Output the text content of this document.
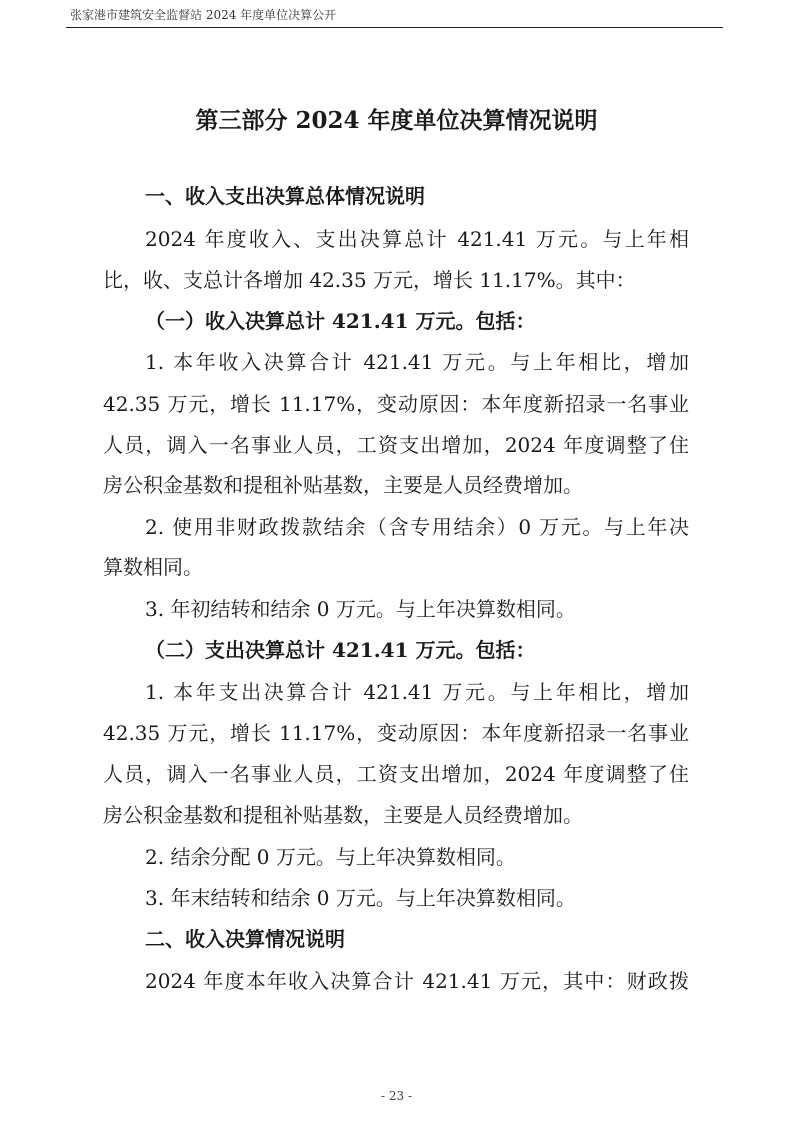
张家港市建筑安全监督站 2024 年度单位决算公开
第三部分 2024 年度单位决算情况说明
一、收入支出决算总体情况说明
2024 年度收入、支出决算总计 421.41 万元。与上年相
比，收、支总计各增加 42.35 万元，增长 11.17%。其中：
（一）收入决算总计 421.41 万元。包括：
1. 本年收入决算合计 421.41 万元。与上年相比，增加
42.35 万元，增长 11.17%，变动原因：本年度新招录一名事业
人员，调入一名事业人员，工资支出增加，2024 年度调整了住
房公积金基数和提租补贴基数，主要是人员经费增加。
2. 使用非财政拨款结余（含专用结余）0 万元。与上年决
算数相同。
3. 年初结转和结余 0 万元。与上年决算数相同。
（二）支出决算总计 421.41 万元。包括：
1. 本年支出决算合计 421.41 万元。与上年相比，增加
42.35 万元，增长 11.17%，变动原因：本年度新招录一名事业
人员，调入一名事业人员，工资支出增加，2024 年度调整了住
房公积金基数和提租补贴基数，主要是人员经费增加。
2. 结余分配 0 万元。与上年决算数相同。
3. 年末结转和结余 0 万元。与上年决算数相同。
二、收入决算情况说明
2024 年度本年收入决算合计 421.41 万元，其中：财政拨
- 23 -
